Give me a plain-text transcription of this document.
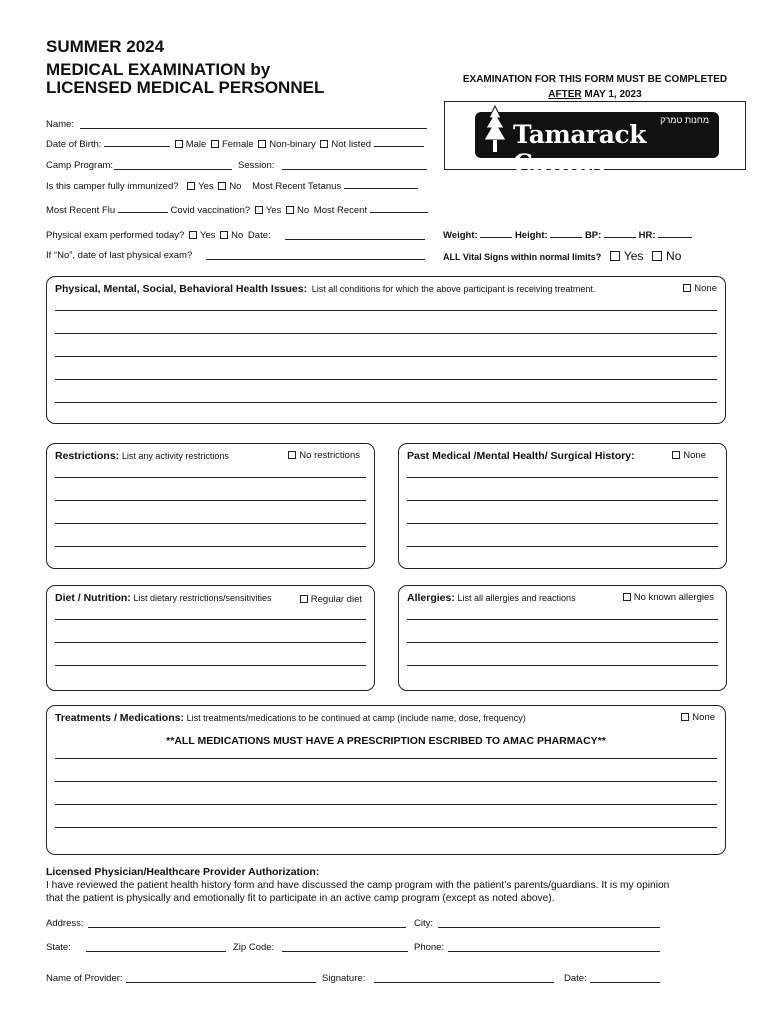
SUMMER 2024
MEDICAL EXAMINATION by
LICENSED MEDICAL PERSONNEL	EXAMINATION FOR THIS FORM MUST BE COMPLETED
AFTER MAY 1, 2023
מחנות טמרק
Tamarack Camps
Name:
Date of Birth:	Male Female Non-binary Not listed
Camp Program:	Session:
Is this camper fully immunized? Yes No Most Recent Tetanus
Most Recent Flu	Covid vaccination? Yes No Most Recent
Physical exam performed today? Yes No Date:
If “No”, date of last physical exam?
Weight:	Height:	BP:	HR:
ALL Vital Signs within normal limits? Yes No
Physical, Mental, Social, Behavioral Health Issues: List all conditions for which the above participant is receiving treatment.	None
Restrictions: List any activity restrictions	No restrictions	Past Medical /Mental Health/ Surgical History:	None
Diet / Nutrition: List dietary restrictions/sensitivities	Regular diet	Allergies: List all allergies and reactions	No known allergies
Treatments / Medications: List treatments/medications to be continued at camp (include name, dose, frequency)	None
**ALL MEDICATIONS MUST HAVE A PRESCRIPTION ESCRIBED TO AMAC PHARMACY**
Licensed Physician/Healthcare Provider Authorization:
I have reviewed the patient health history form and have discussed the camp program with the patient’s parents/guardians. It is my opinion
that the patient is physically and emotionally fit to participate in an active camp program (except as noted above).
Address:	City:
State:	Zip Code:	Phone:
Name of Provider:	Signature:	Date:
